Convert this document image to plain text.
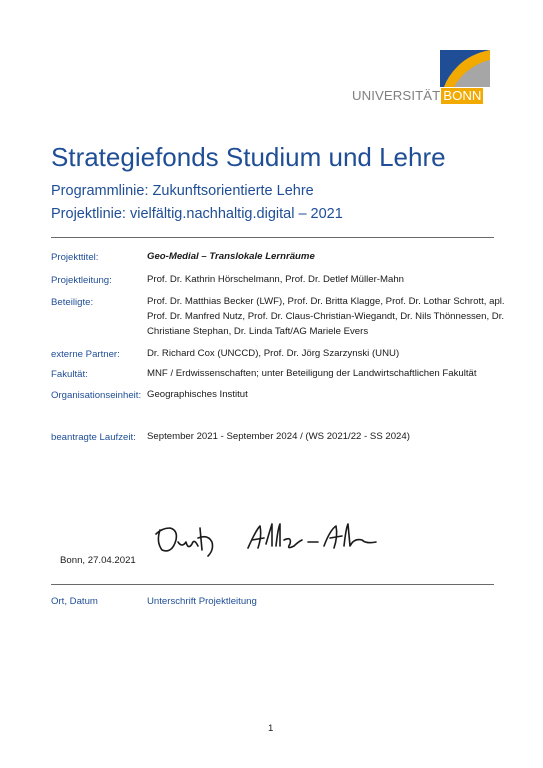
UNIVERSITÄT BONN
Strategiefonds Studium und Lehre
Programmlinie: Zukunftsorientierte Lehre
Projektlinie: vielfältig.nachhaltig.digital – 2021
Projekttitel:	Geo-Medial – Translokale Lernräume
Projektleitung:	Prof. Dr. Kathrin Hörschelmann, Prof. Dr. Detlef Müller-Mahn
Beteiligte:	Prof. Dr. Matthias Becker (LWF), Prof. Dr. Britta Klagge, Prof. Dr. Lothar Schrott, apl.
Prof. Dr. Manfred Nutz, Prof. Dr. Claus-Christian-Wiegandt, Dr. Nils Thönnessen, Dr.
Christiane Stephan, Dr. Linda Taft/AG Mariele Evers
externe Partner:	Dr. Richard Cox (UNCCD), Prof. Dr. Jörg Szarzynski (UNU)
Fakultät:	MNF / Erdwissenschaften; unter Beteiligung der Landwirtschaftlichen Fakultät
Organisationseinheit: Geographisches Institut
beantragte Laufzeit: September 2021 - September 2024 / (WS 2021/22 - SS 2024)
Bonn, 27.04.2021
Ort, Datum	Unterschrift Projektleitung
1
